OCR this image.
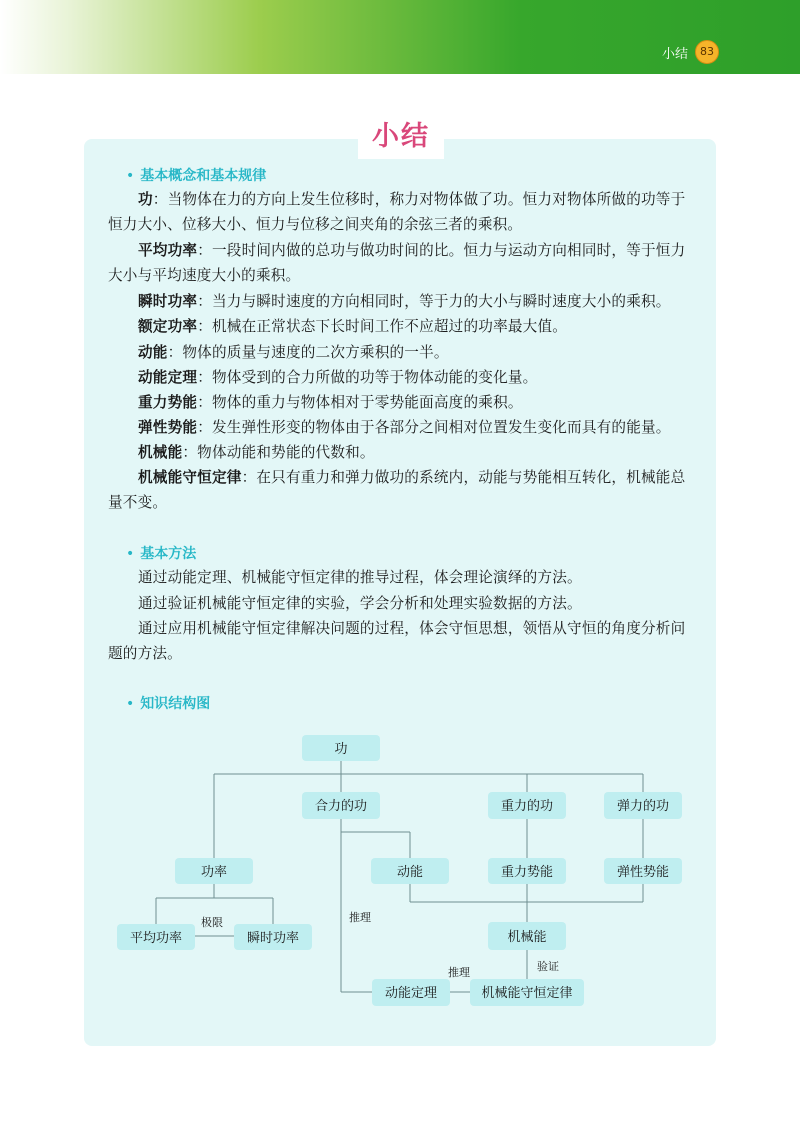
小结	83
小结
• 基本概念和基本规律

功：当物体在力的方向上发生位移时，称力对物体做了功。恒力对物体所做的功等于恒力大小、位移大小、恒力与位移之间夹角的余弦三者的乘积。

平均功率：一段时间内做的总功与做功时间的比。恒力与运动方向相同时，等于恒力大小与平均速度大小的乘积。

瞬时功率：当力与瞬时速度的方向相同时，等于力的大小与瞬时速度大小的乘积。

额定功率：机械在正常状态下长时间工作不应超过的功率最大值。

动能：物体的质量与速度的二次方乘积的一半。

动能定理：物体受到的合力所做的功等于物体动能的变化量。

重力势能：物体的重力与物体相对于零势能面高度的乘积。

弹性势能：发生弹性形变的物体由于各部分之间相对位置发生变化而具有的能量。

机械能：物体动能和势能的代数和。

机械能守恒定律：在只有重力和弹力做功的系统内，动能与势能相互转化，机械能总量不变。

• 基本方法

通过动能定理、机械能守恒定律的推导过程，体会理论演绎的方法。

通过验证机械能守恒定律的实验，学会分析和处理实验数据的方法。

通过应用机械能守恒定律解决问题的过程，体会守恒思想，领悟从守恒的角度分析问题的方法。

• 知识结构图
极限	推理
推理	验证
功
合力的功	重力的功	弹力的功
功率	动能	重力势能	弹性势能
平均功率	瞬时功率	机械能
动能定理	机械能守恒定律
